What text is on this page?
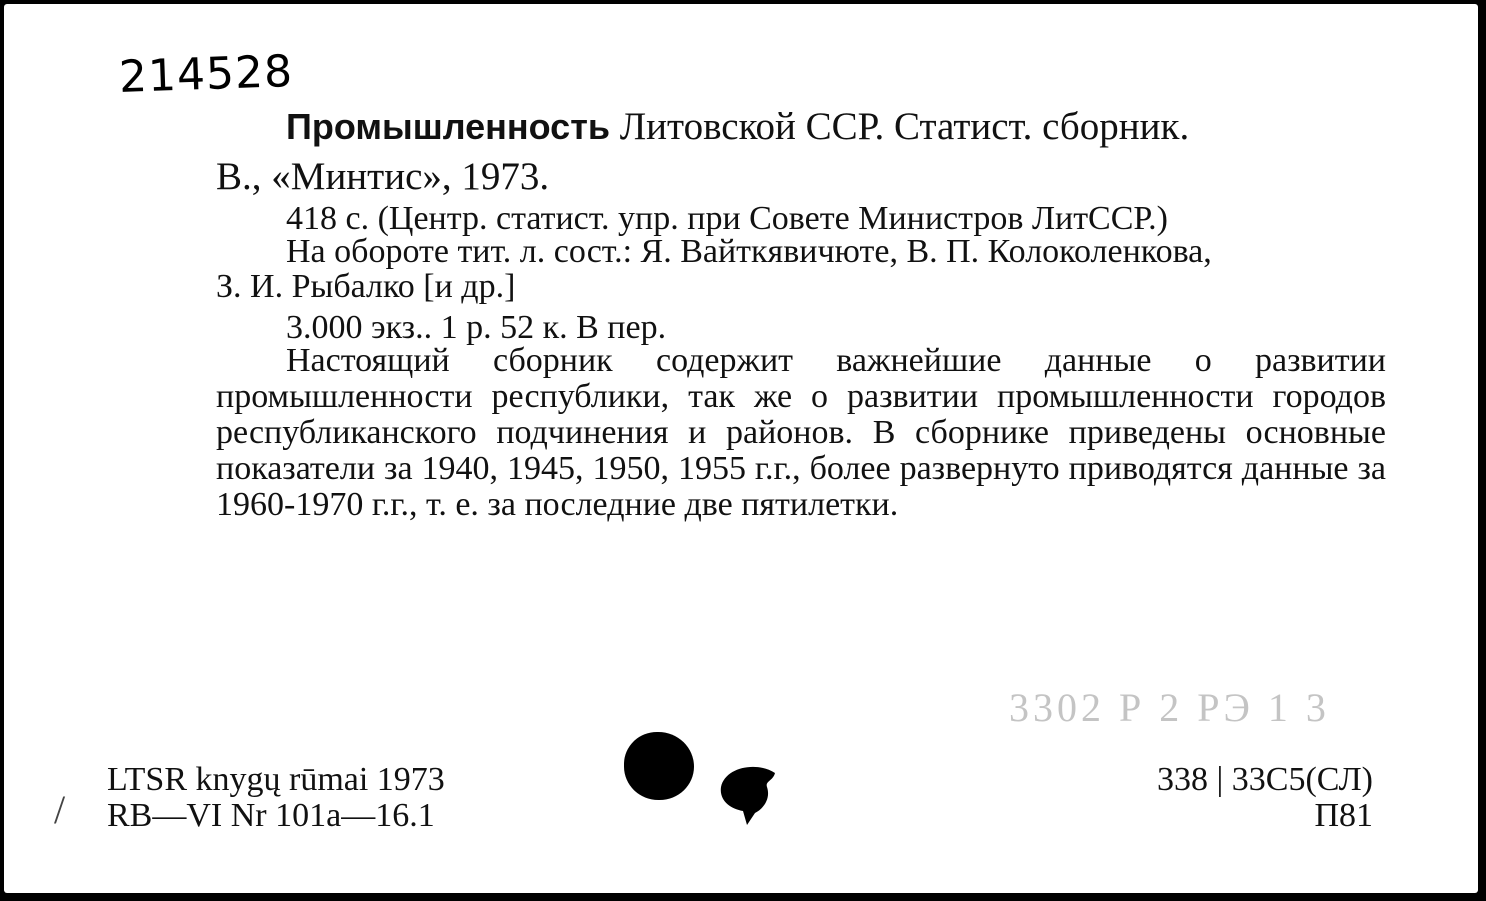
214528
Промышленность Литовской ССР. Статист. сборник.
В., «Минтис», 1973.
418 с. (Центр. статист. упр. при Совете Министров ЛитССР.)
На обороте тит. л. сост.: Я. Вайткявичюте, В. П. Колоколенкова,
З. И. Рыбалко [и др.]
3.000 экз.. 1 р. 52 к. В пер.
Настоящий сборник содержит важнейшие данные о развитии промышленности республики, так же о развитии промышленности городов республиканского подчинения и районов. В сборнике приведены основные показатели за 1940, 1945, 1950, 1955 г.г., более развернуто приводятся данные за 1960-1970 г.г., т. е. за последние две пятилетки.
3302 Р 2 РЭ 1 3
/
LTSR knygų rūmai 1973
RB—VI Nr 101a—16.1
338 | 33С5(СЛ)
П81
